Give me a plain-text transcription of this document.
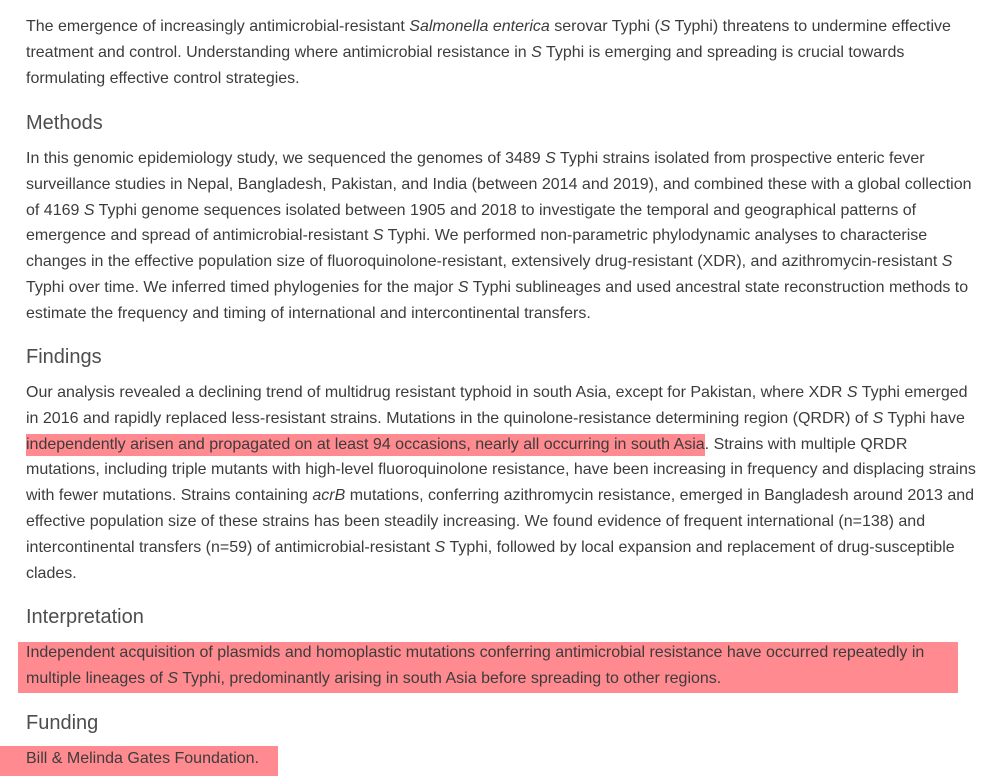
The emergence of increasingly antimicrobial-resistant Salmonella enterica serovar Typhi (S Typhi) threatens to undermine effective treatment and control. Understanding where antimicrobial resistance in S Typhi is emerging and spreading is crucial towards formulating effective control strategies.

Methods

In this genomic epidemiology study, we sequenced the genomes of 3489 S Typhi strains isolated from prospective enteric fever surveillance studies in Nepal, Bangladesh, Pakistan, and India (between 2014 and 2019), and combined these with a global collection of 4169 S Typhi genome sequences isolated between 1905 and 2018 to investigate the temporal and geographical patterns of emergence and spread of antimicrobial-resistant S Typhi. We performed non-parametric phylodynamic analyses to characterise changes in the effective population size of fluoroquinolone-resistant, extensively drug-resistant (XDR), and azithromycin-resistant S Typhi over time. We inferred timed phylogenies for the major S Typhi sublineages and used ancestral state reconstruction methods to estimate the frequency and timing of international and intercontinental transfers.

Findings

Our analysis revealed a declining trend of multidrug resistant typhoid in south Asia, except for Pakistan, where XDR S Typhi emerged in 2016 and rapidly replaced less-resistant strains. Mutations in the quinolone-resistance determining region (QRDR) of S Typhi have independently arisen and propagated on at least 94 occasions, nearly all occurring in south Asia. Strains with multiple QRDR mutations, including triple mutants with high-level fluoroquinolone resistance, have been increasing in frequency and displacing strains with fewer mutations. Strains containing acrB mutations, conferring azithromycin resistance, emerged in Bangladesh around 2013 and effective population size of these strains has been steadily increasing. We found evidence of frequent international (n=138) and intercontinental transfers (n=59) of antimicrobial-resistant S Typhi, followed by local expansion and replacement of drug-susceptible clades.

Interpretation

Independent acquisition of plasmids and homoplastic mutations conferring antimicrobial resistance have occurred repeatedly in multiple lineages of S Typhi, predominantly arising in south Asia before spreading to other regions.

Funding

Bill & Melinda Gates Foundation.
